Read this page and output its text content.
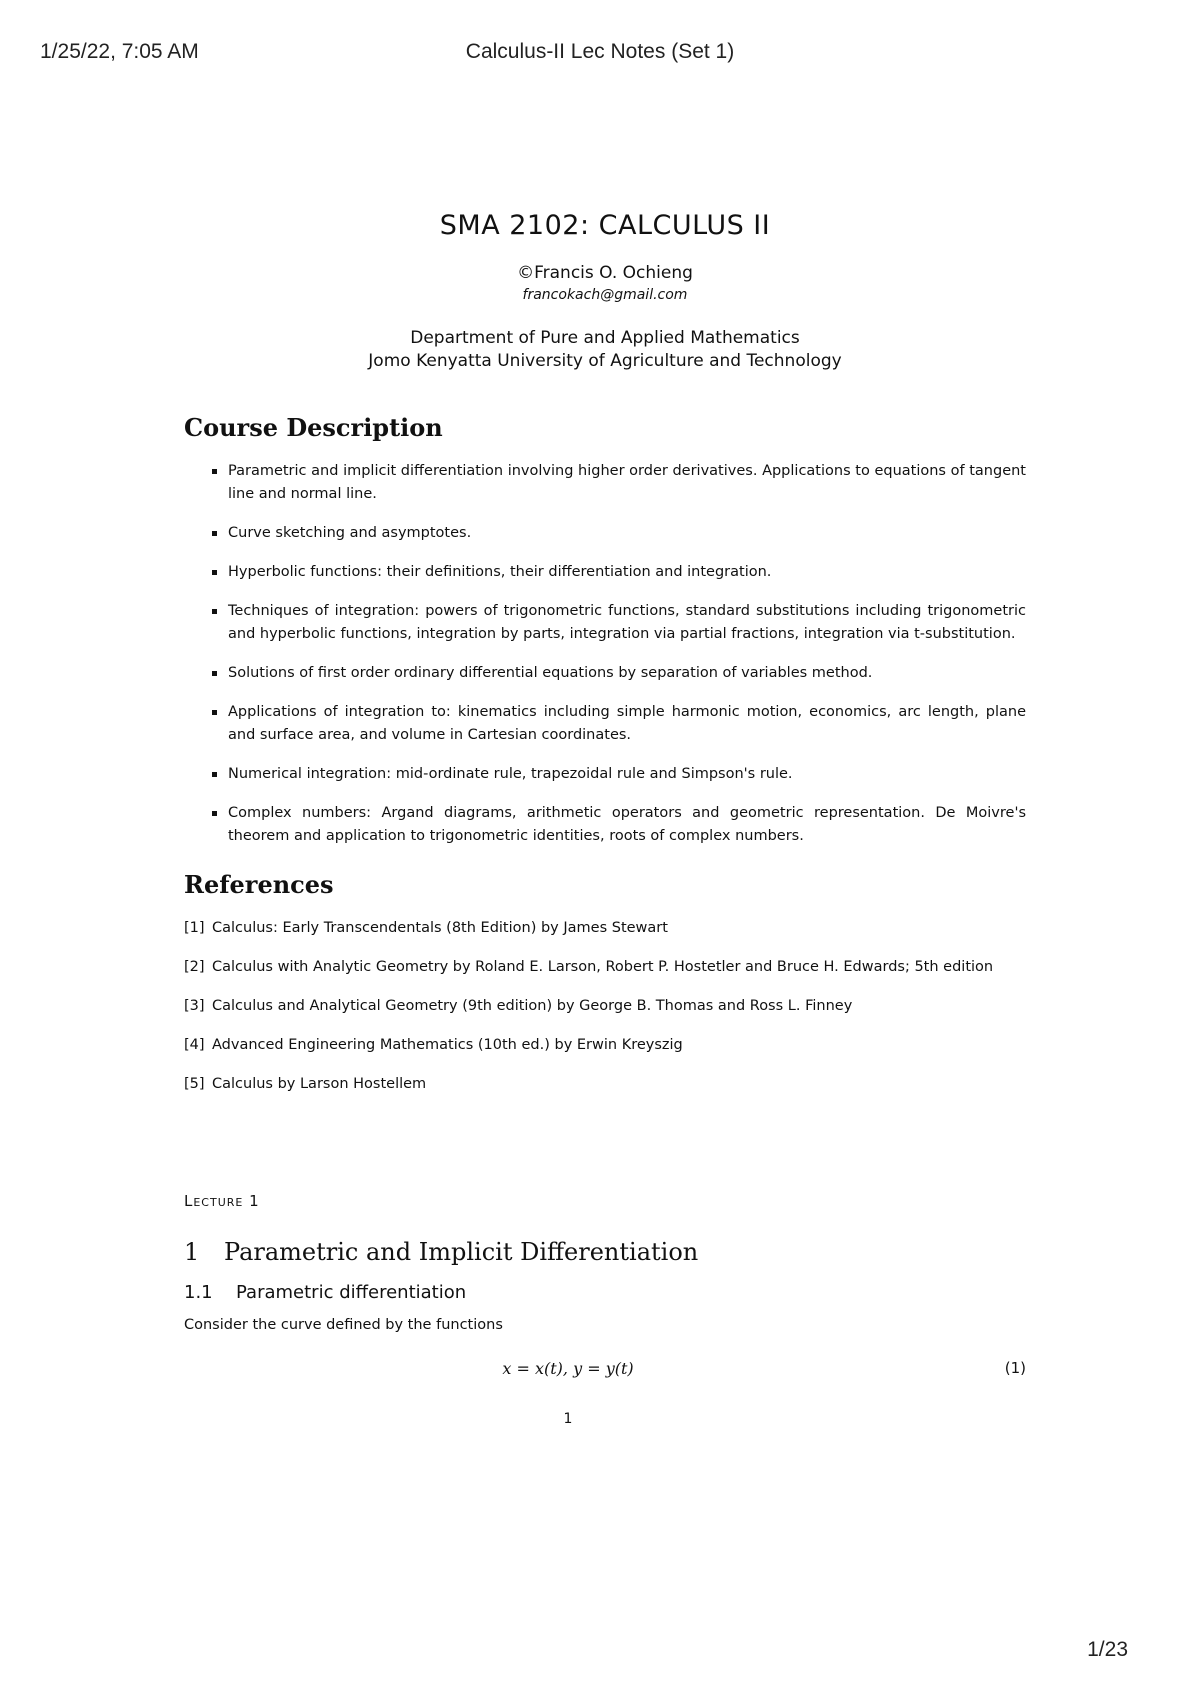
1/25/22, 7:05 AM	Calculus-II Lec Notes (Set 1)
SMA 2102: CALCULUS II
©Francis O. Ochieng
francokach@gmail.com
Department of Pure and Applied Mathematics
Jomo Kenyatta University of Agriculture and Technology
Course Description
Parametric and implicit differentiation involving higher order derivatives. Applications to equations of tangent line and normal line.
Curve sketching and asymptotes.
Hyperbolic functions: their definitions, their differentiation and integration.
Techniques of integration: powers of trigonometric functions, standard substitutions including trigonometric and hyperbolic functions, integration by parts, integration via partial fractions, integration via t-substitution.
Solutions of first order ordinary differential equations by separation of variables method.
Applications of integration to: kinematics including simple harmonic motion, economics, arc length, plane and surface area, and volume in Cartesian coordinates.
Numerical integration: mid-ordinate rule, trapezoidal rule and Simpson's rule.
Complex numbers: Argand diagrams, arithmetic operators and geometric representation. De Moivre's theorem and application to trigonometric identities, roots of complex numbers.
References
[1] Calculus: Early Transcendentals (8th Edition) by James Stewart
[2] Calculus with Analytic Geometry by Roland E. Larson, Robert P. Hostetler and Bruce H. Edwards; 5th edition
[3] Calculus and Analytical Geometry (9th edition) by George B. Thomas and Ross L. Finney
[4] Advanced Engineering Mathematics (10th ed.) by Erwin Kreyszig
[5] Calculus by Larson Hostellem
Lecture 1
1	Parametric and Implicit Differentiation
1.1	Parametric differentiation
Consider the curve defined by the functions
x = x(t), y = y(t)	(1)
1
1/23
